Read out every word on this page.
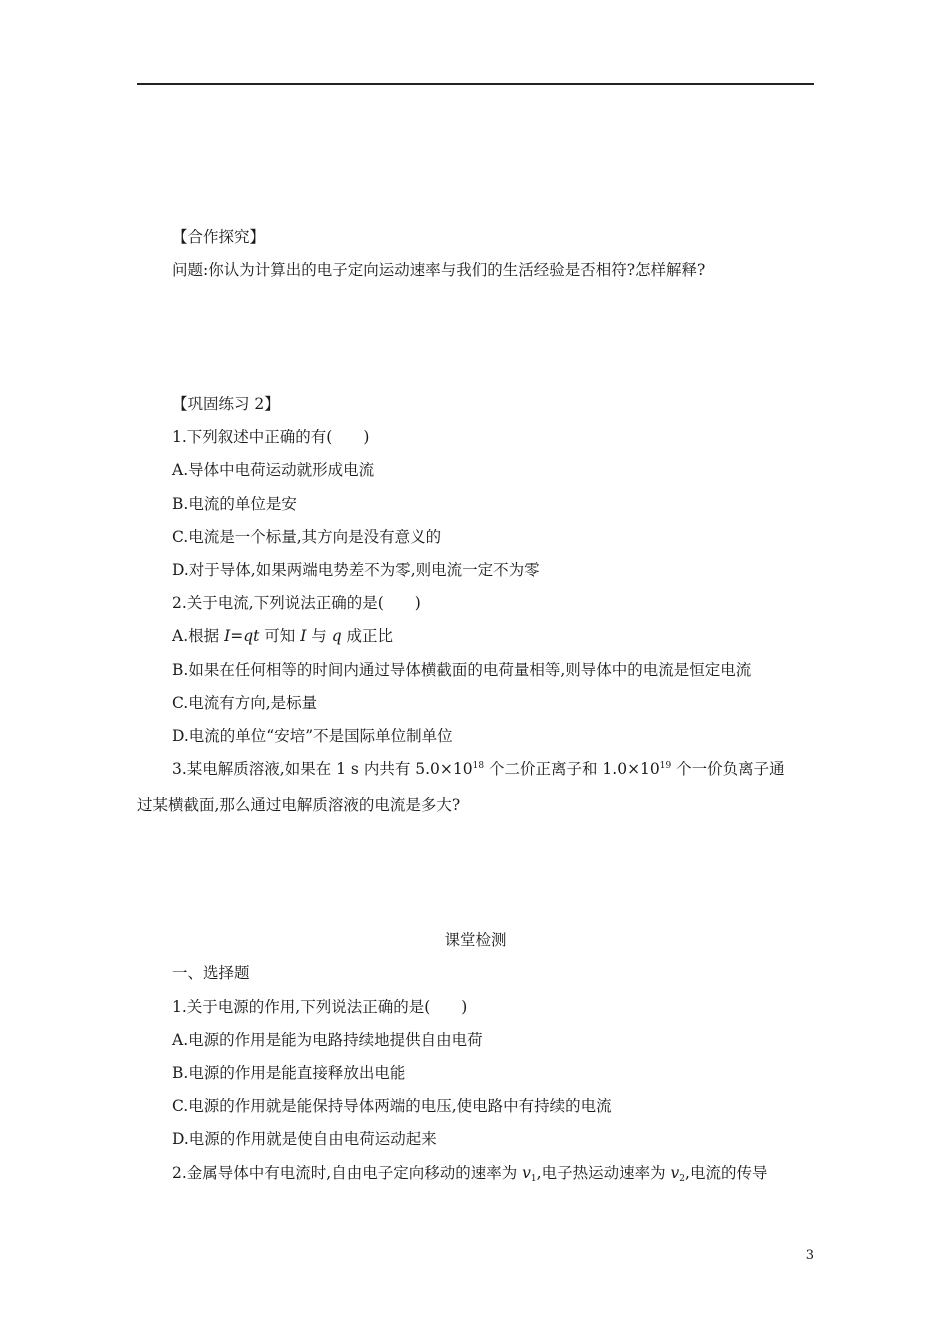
【合作探究】
问题:你认为计算出的电子定向运动速率与我们的生活经验是否相符?怎样解释?
【巩固练习 2】
1.下列叙述中正确的有(　　)
A.导体中电荷运动就形成电流
B.电流的单位是安
C.电流是一个标量,其方向是没有意义的
D.对于导体,如果两端电势差不为零,则电流一定不为零
2.关于电流,下列说法正确的是(　　)
A.根据 I=qt 可知 I 与 q 成正比
B.如果在任何相等的时间内通过导体横截面的电荷量相等,则导体中的电流是恒定电流
C.电流有方向,是标量
D.电流的单位“安培”不是国际单位制单位
3.某电解质溶液,如果在 1 s 内共有 $5.0\times 10^{18}$ 个二价正离子和 $1.0\times 10^{19}$ 个一价负离子通
过某横截面,那么通过电解质溶液的电流是多大?
课堂检测
一、选择题
1.关于电源的作用,下列说法正确的是(　　)
A.电源的作用是能为电路持续地提供自由电荷
B.电源的作用是能直接释放出电能
C.电源的作用就是能保持导体两端的电压,使电路中有持续的电流
D.电源的作用就是使自由电荷运动起来
2.金属导体中有电流时,自由电子定向移动的速率为 $v_1$,电子热运动速率为 $v_2$,电流的传导
3
